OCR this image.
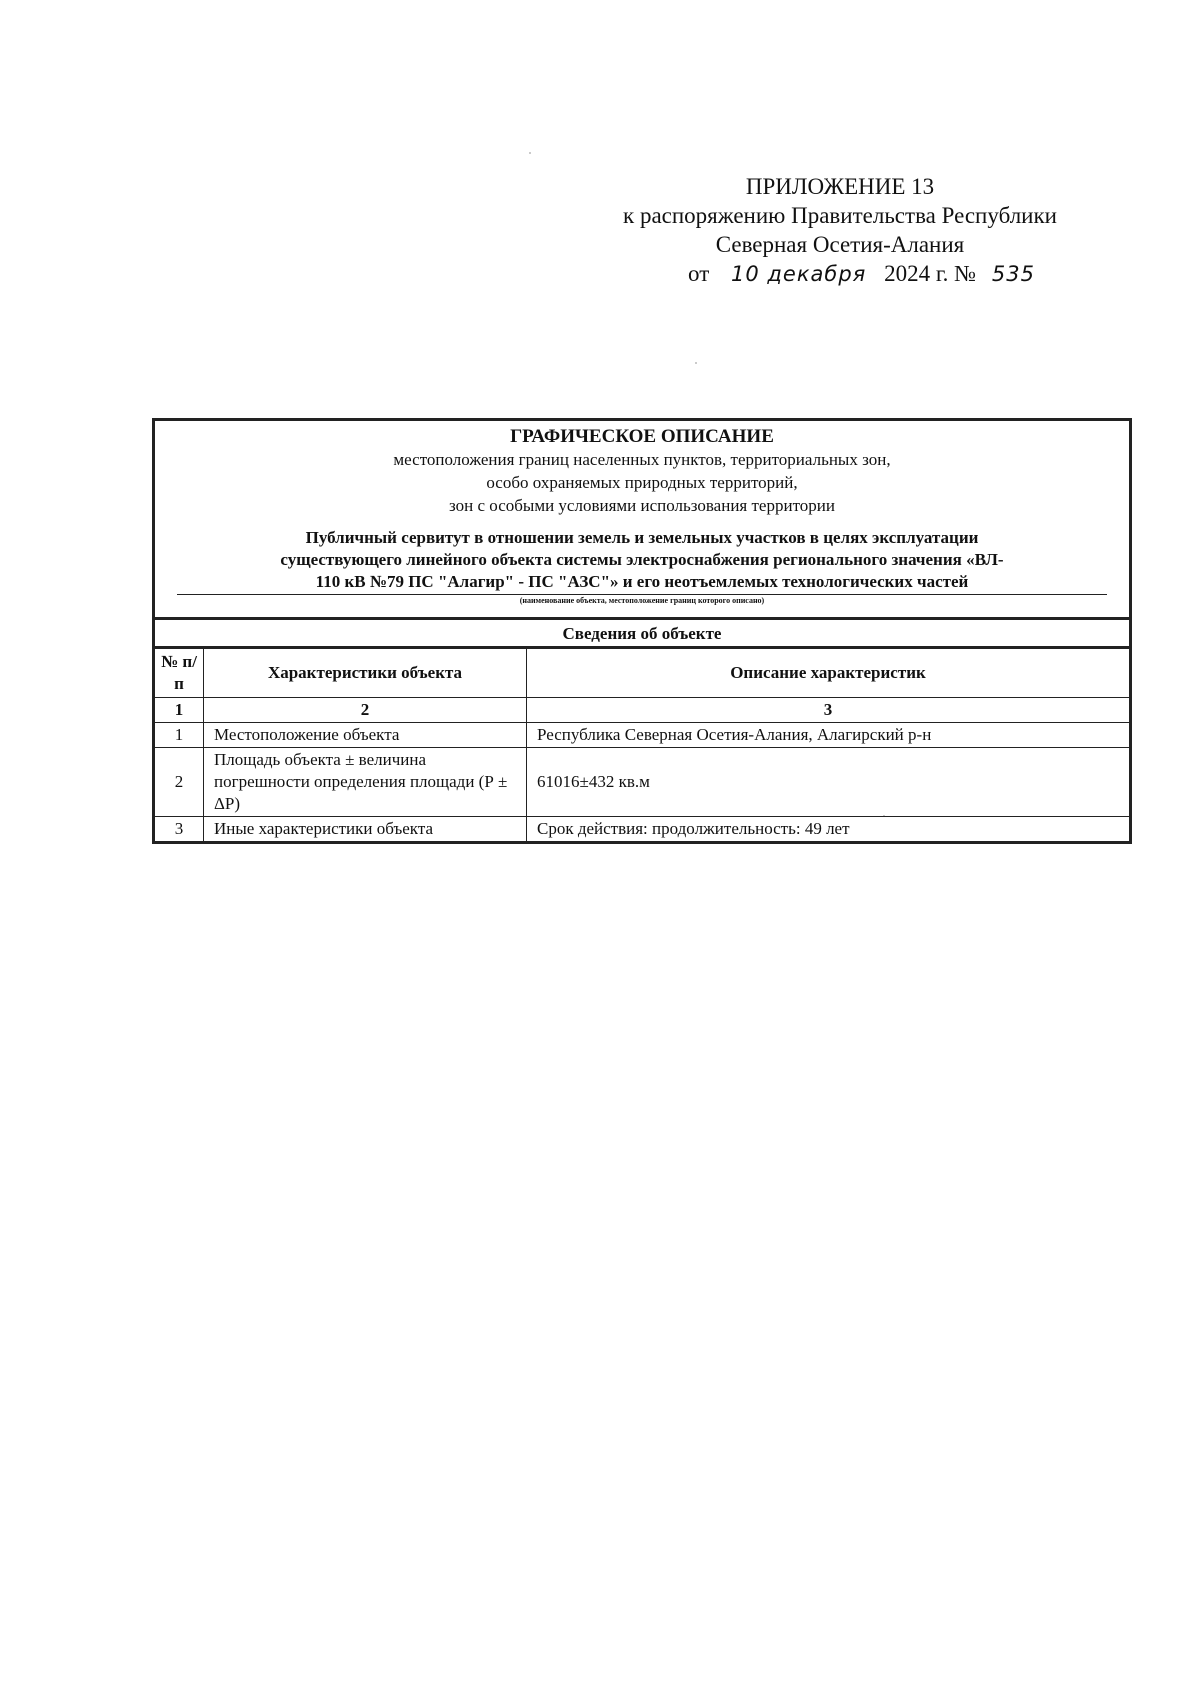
ПРИЛОЖЕНИЕ 13
к распоряжению Правительства Республики
Северная Осетия-Алания
от 10 декабря 2024 г. № 535
ГРАФИЧЕСКОЕ ОПИСАНИЕ
местоположения границ населенных пунктов, территориальных зон,
особо охраняемых природных территорий,
зон с особыми условиями использования территории
Публичный сервитут в отношении земель и земельных участков в целях эксплуатации
существующего линейного объекта системы электроснабжения регионального значения «ВЛ-
110 кВ №79 ПС "Алагир" - ПС "АЗС"» и его неотъемлемых технологических частей
(наименование объекта, местоположение границ которого описано)
Сведения об объекте
№ п/п	Характеристики объекта	Описание характеристик
1	2	3
1	Местоположение объекта	Республика Северная Осетия-Алания, Алагирский р-н
2	Площадь объекта ± величина погрешности определения площади (Р ± ΔР)	61016±432 кв.м
3	Иные характеристики объекта	Срок действия: продолжительность: 49 лет
